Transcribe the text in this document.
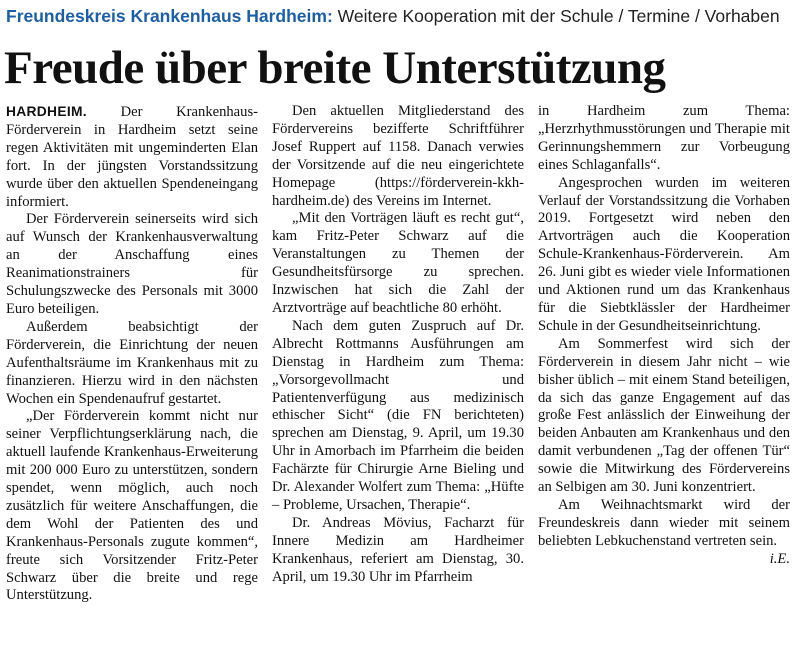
Freundeskreis Krankenhaus Hardheim: Weitere Kooperation mit der Schule / Termine / Vorhaben
Freude über breite Unterstützung

HARDHEIM. Der Krankenhaus-Förderverein in Hardheim setzt seine regen Aktivitäten mit ungeminderten Elan fort. In der jüngsten Vorstandssitzung wurde über den aktuellen Spendeneingang informiert.

Der Förderverein seinerseits wird sich auf Wunsch der Krankenhausverwaltung an der Anschaffung eines Reanimationstrainers für Schulungszwecke des Personals mit 3000 Euro beteiligen.

Außerdem beabsichtigt der Förderverein, die Einrichtung der neuen Aufenthaltsräume im Krankenhaus mit zu finanzieren. Hierzu wird in den nächsten Wochen ein Spendenaufruf gestartet.

„Der Förderverein kommt nicht nur seiner Verpflichtungserklärung nach, die aktuell laufende Krankenhaus-Erweiterung mit 200 000 Euro zu unterstützen, sondern spendet, wenn möglich, auch noch zusätzlich für weitere Anschaffungen, die dem Wohl der Patienten des und Krankenhaus-Personals zugute kommen“, freute sich Vorsitzender Fritz-Peter Schwarz über die breite und rege Unterstützung.

Den aktuellen Mitgliederstand des Fördervereins bezifferte Schriftführer Josef Ruppert auf 1158. Danach verwies der Vorsitzende auf die neu eingerichtete Homepage (https://förderverein-kkh-hardheim.de) des Vereins im Internet.

„Mit den Vorträgen läuft es recht gut“, kam Fritz-Peter Schwarz auf die Veranstaltungen zu Themen der Gesundheitsfürsorge zu sprechen. Inzwischen hat sich die Zahl der Arztvorträge auf beachtliche 80 erhöht.

Nach dem guten Zuspruch auf Dr. Albrecht Rottmanns Ausführungen am Dienstag in Hardheim zum Thema: „Vorsorgevollmacht und Patientenverfügung aus medizinisch ethischer Sicht“ (die FN berichteten) sprechen am Dienstag, 9. April, um 19.30 Uhr in Amorbach im Pfarrheim die beiden Fachärzte für Chirurgie Arne Bieling und Dr. Alexander Wolfert zum Thema: „Hüfte – Probleme, Ursachen, Therapie“.

Dr. Andreas Mövius, Facharzt für Innere Medizin am Hardheimer Krankenhaus, referiert am Dienstag, 30. April, um 19.30 Uhr im Pfarrheim

in Hardheim zum Thema: „Herzrhythmusstörungen und Therapie mit Gerinnungshemmern zur Vorbeugung eines Schlaganfalls“.

Angesprochen wurden im weiteren Verlauf der Vorstandssitzung die Vorhaben 2019. Fortgesetzt wird neben den Artvorträgen auch die Kooperation Schule-Krankenhaus-Förderverein. Am 26. Juni gibt es wieder viele Informationen und Aktionen rund um das Krankenhaus für die Siebtklässler der Hardheimer Schule in der Gesundheitseinrichtung.

Am Sommerfest wird sich der Förderverein in diesem Jahr nicht – wie bisher üblich – mit einem Stand beteiligen, da sich das ganze Engagement auf das große Fest anlässlich der Einweihung der beiden Anbauten am Krankenhaus und den damit verbundenen „Tag der offenen Tür“ sowie die Mitwirkung des Fördervereins an Selbigen am 30. Juni konzentriert.

Am Weihnachtsmarkt wird der Freundeskreis dann wieder mit seinem beliebten Lebkuchenstand vertreten sein.
i.E.
